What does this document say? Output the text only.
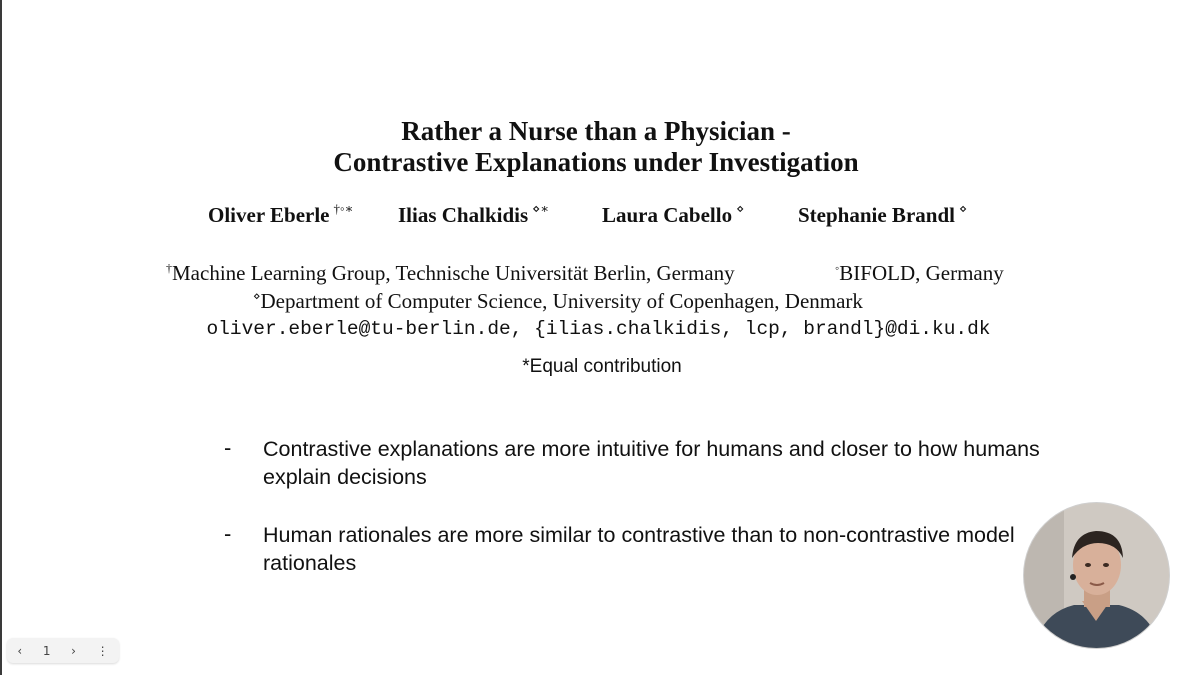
Rather a Nurse than a Physician -
Contrastive Explanations under Investigation
Oliver Eberle †◦∗ Ilias Chalkidis ⋄∗	Laura Cabello ⋄	Stephanie Brandl ⋄
†Machine Learning Group, Technische Universität Berlin, Germany	◦BIFOLD, Germany
⋄Department of Computer Science, University of Copenhagen, Denmark
oliver.eberle@tu-berlin.de, {ilias.chalkidis, lcp, brandl}@di.ku.dk
*Equal contribution
- Contrastive explanations are more intuitive for humans and closer to how humans explain decisions
- Human rationales are more similar to contrastive than to non-contrastive model rationales
‹ 1 › ⋮
